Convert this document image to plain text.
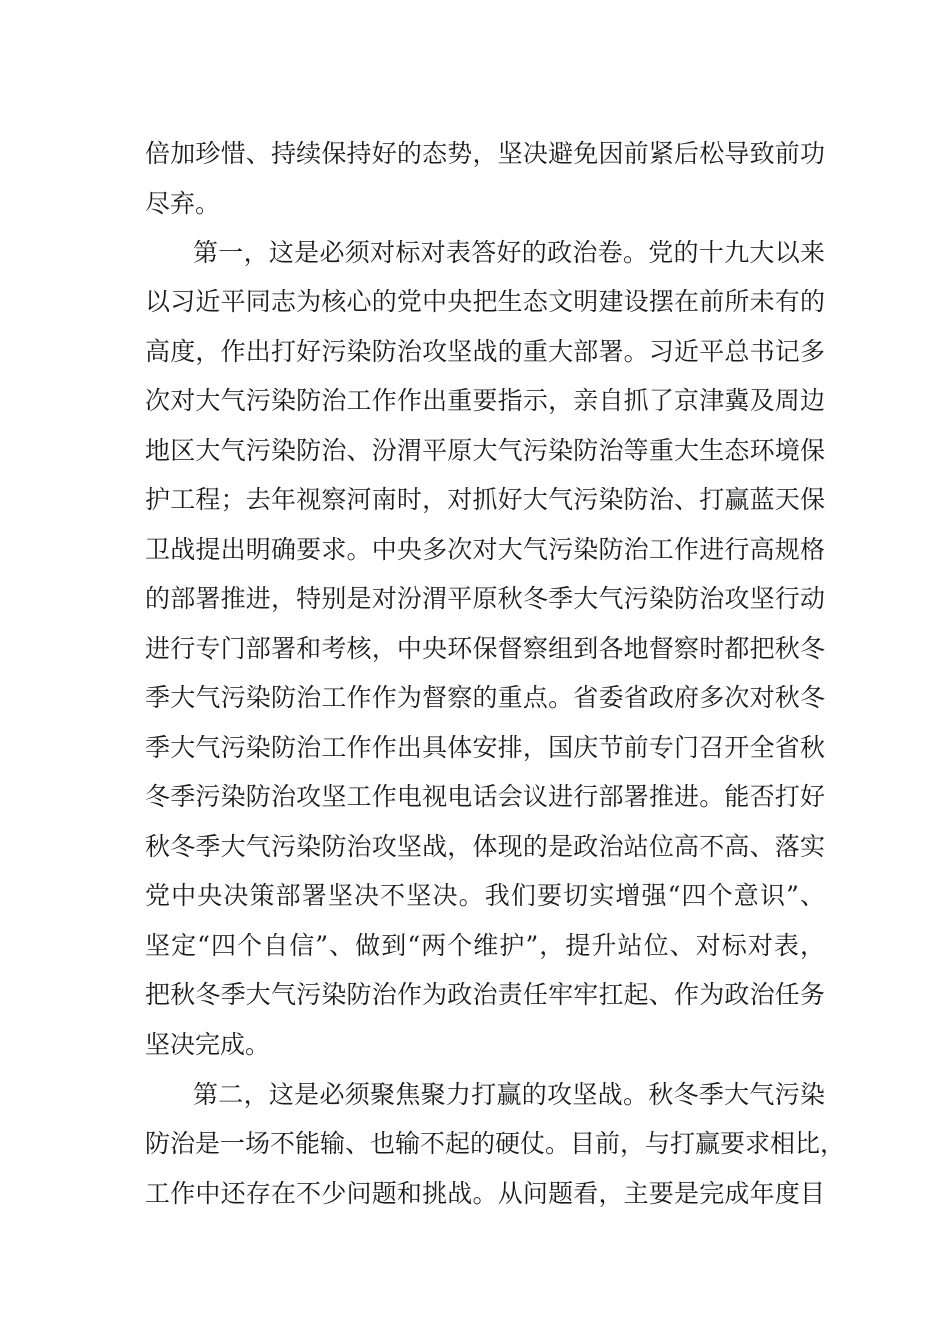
倍加珍惜、持续保持好的态势，坚决避免因前紧后松导致前功
尽弃。
第一，这是必须对标对表答好的政治卷。党的十九大以来
以习近平同志为核心的党中央把生态文明建设摆在前所未有的
高度，作出打好污染防治攻坚战的重大部署。习近平总书记多
次对大气污染防治工作作出重要指示，亲自抓了京津冀及周边
地区大气污染防治、汾渭平原大气污染防治等重大生态环境保
护工程；去年视察河南时，对抓好大气污染防治、打赢蓝天保
卫战提出明确要求。中央多次对大气污染防治工作进行高规格
的部署推进，特别是对汾渭平原秋冬季大气污染防治攻坚行动
进行专门部署和考核，中央环保督察组到各地督察时都把秋冬
季大气污染防治工作作为督察的重点。省委省政府多次对秋冬
季大气污染防治工作作出具体安排，国庆节前专门召开全省秋
冬季污染防治攻坚工作电视电话会议进行部署推进。能否打好
秋冬季大气污染防治攻坚战，体现的是政治站位高不高、落实
党中央决策部署坚决不坚决。我们要切实增强“四个意识”、
坚定“四个自信”、做到“两个维护”，提升站位、对标对表，
把秋冬季大气污染防治作为政治责任牢牢扛起、作为政治任务
坚决完成。
第二，这是必须聚焦聚力打赢的攻坚战。秋冬季大气污染
防治是一场不能输、也输不起的硬仗。目前，与打赢要求相比，
工作中还存在不少问题和挑战。从问题看，主要是完成年度目
